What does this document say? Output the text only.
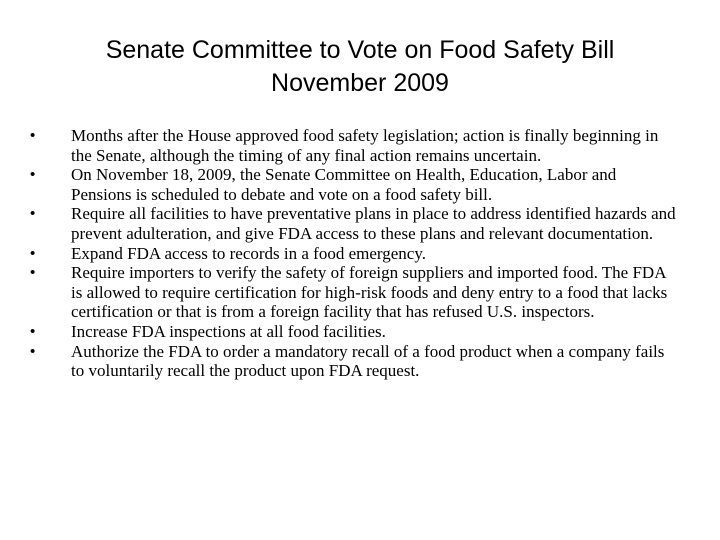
Senate Committee to Vote on Food Safety Bill
November 2009
• Months after the House approved food safety legislation; action is finally beginning in the Senate, although the timing of any final action remains uncertain.
• On November 18, 2009, the Senate Committee on Health, Education, Labor and Pensions is scheduled to debate and vote on a food safety bill.
• Require all facilities to have preventative plans in place to address identified hazards and prevent adulteration, and give FDA access to these plans and relevant documentation.
• Expand FDA access to records in a food emergency.
• Require importers to verify the safety of foreign suppliers and imported food. The FDA is allowed to require certification for high-risk foods and deny entry to a food that lacks certification or that is from a foreign facility that has refused U.S. inspectors.
• Increase FDA inspections at all food facilities.
• Authorize the FDA to order a mandatory recall of a food product when a company fails to voluntarily recall the product upon FDA request.
